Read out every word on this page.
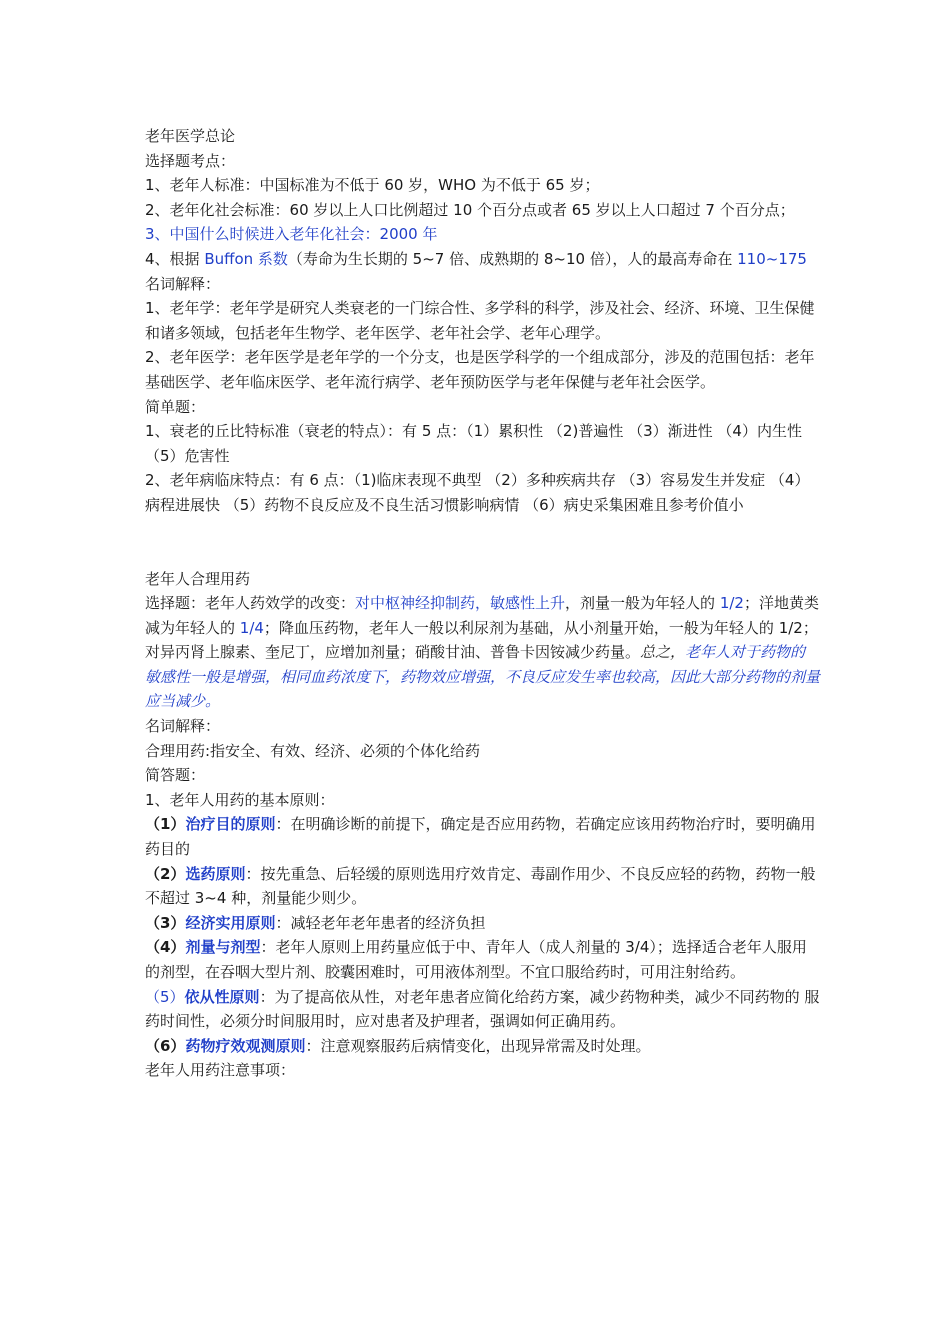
老年医学总论

选择题考点：

1、老年人标准：中国标准为不低于 60 岁，WHO 为不低于 65 岁；

2、老年化社会标准：60 岁以上人口比例超过 10 个百分点或者 65 岁以上人口超过 7 个百分点；

3、中国什么时候进入老年化社会：2000 年

4、根据 Buffon 系数（寿命为生长期的 5~7 倍、成熟期的 8~10 倍），人的最高寿命在 110~175

名词解释：

1、老年学：老年学是研究人类衰老的一门综合性、多学科的科学，涉及社会、经济、环境、卫生保健和诸多领域，包括老年生物学、老年医学、老年社会学、老年心理学。

2、老年医学：老年医学是老年学的一个分支，也是医学科学的一个组成部分，涉及的范围包括：老年基础医学、老年临床医学、老年流行病学、老年预防医学与老年保健与老年社会医学。

简单题：

1、衰老的丘比特标准（衰老的特点）：有 5 点：（1）累积性 （2)普遍性 （3）渐进性 （4）内生性 （5）危害性

2、老年病临床特点：有 6 点：（1)临床表现不典型 （2）多种疾病共存 （3）容易发生并发症 （4）病程进展快 （5）药物不良反应及不良生活习惯影响病情 （6）病史采集困难且参考价值小

老年人合理用药

选择题：老年人药效学的改变：对中枢神经抑制药，敏感性上升，剂量一般为年轻人的 1/2；洋地黄类减为年轻人的 1/4；降血压药物，老年人一般以利尿剂为基础，从小剂量开始，一般为年轻人的 1/2；对异丙肾上腺素、奎尼丁，应增加剂量；硝酸甘油、普鲁卡因铵减少药量。总之，老年人对于药物的敏感性一般是增强，相同血药浓度下，药物效应增强，不良反应发生率也较高，因此大部分药物的剂量应当减少。

名词解释：

合理用药:指安全、有效、经济、必须的个体化给药

简答题：

1、老年人用药的基本原则：

（1）治疗目的原则：在明确诊断的前提下，确定是否应用药物，若确定应该用药物治疗时，要明确用药目的

（2）选药原则：按先重急、后轻缓的原则选用疗效肯定、毒副作用少、不良反应轻的药物，药物一般不超过 3~4 种，剂量能少则少。

（3）经济实用原则：减轻老年老年患者的经济负担

（4）剂量与剂型：老年人原则上用药量应低于中、青年人（成人剂量的 3/4）；选择适合老年人服用的剂型，在吞咽大型片剂、胶囊困难时，可用液体剂型。不宜口服给药时，可用注射给药。

（5）依从性原则：为了提高依从性，对老年患者应简化给药方案，减少药物种类，减少不同药物的 服药时间性，必须分时间服用时，应对患者及护理者，强调如何正确用药。

（6）药物疗效观测原则：注意观察服药后病情变化，出现异常需及时处理。

老年人用药注意事项：
